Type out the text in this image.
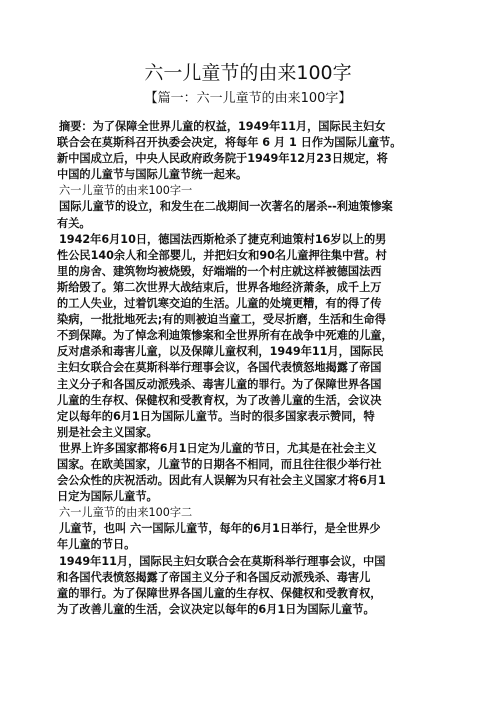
六一儿童节的由来100字
【篇一：六一儿童节的由来100字】
摘要：为了保障全世界儿童的权益，1949年11月，国际民主妇女
联合会在莫斯科召开执委会决定，将每年 6 月 1 日作为国际儿童节。
新中国成立后，中央人民政府政务院于1949年12月23日规定，将
中国的儿童节与国际儿童节统一起来。
六一儿童节的由来100字一
国际儿童节的设立，和发生在二战期间一次著名的屠杀--利迪策惨案
有关。
1942年6月10日，德国法西斯枪杀了捷克利迪策村16岁以上的男
性公民140余人和全部婴儿，并把妇女和90名儿童押往集中营。村
里的房舍、建筑物均被烧毁，好端端的一个村庄就这样被德国法西
斯给毁了。第二次世界大战结束后，世界各地经济萧条，成千上万
的工人失业，过着饥寒交迫的生活。儿童的处境更糟，有的得了传
染病，一批批地死去;有的则被迫当童工，受尽折磨，生活和生命得
不到保障。为了悼念利迪策惨案和全世界所有在战争中死难的儿童，
反对虐杀和毒害儿童，以及保障儿童权利，1949年11月，国际民
主妇女联合会在莫斯科举行理事会议，各国代表愤怒地揭露了帝国
主义分子和各国反动派残杀、毒害儿童的罪行。为了保障世界各国
儿童的生存权、保健权和受教育权，为了改善儿童的生活，会议决
定以每年的6月1日为国际儿童节。当时的很多国家表示赞同，特
别是社会主义国家。
世界上许多国家都将6月1日定为儿童的节日，尤其是在社会主义
国家。在欧美国家，儿童节的日期各不相同，而且往往很少举行社
会公众性的庆祝活动。因此有人误解为只有社会主义国家才将6月1
日定为国际儿童节。
六一儿童节的由来100字二
儿童节，也叫 六一国际儿童节，每年的6月1日举行，是全世界少
年儿童的节日。
1949年11月，国际民主妇女联合会在莫斯科举行理事会议，中国
和各国代表愤怒揭露了帝国主义分子和各国反动派残杀、毒害儿
童的罪行。为了保障世界各国儿童的生存权、保健权和受教育权，
为了改善儿童的生活，会议决定以每年的6月1日为国际儿童节。
